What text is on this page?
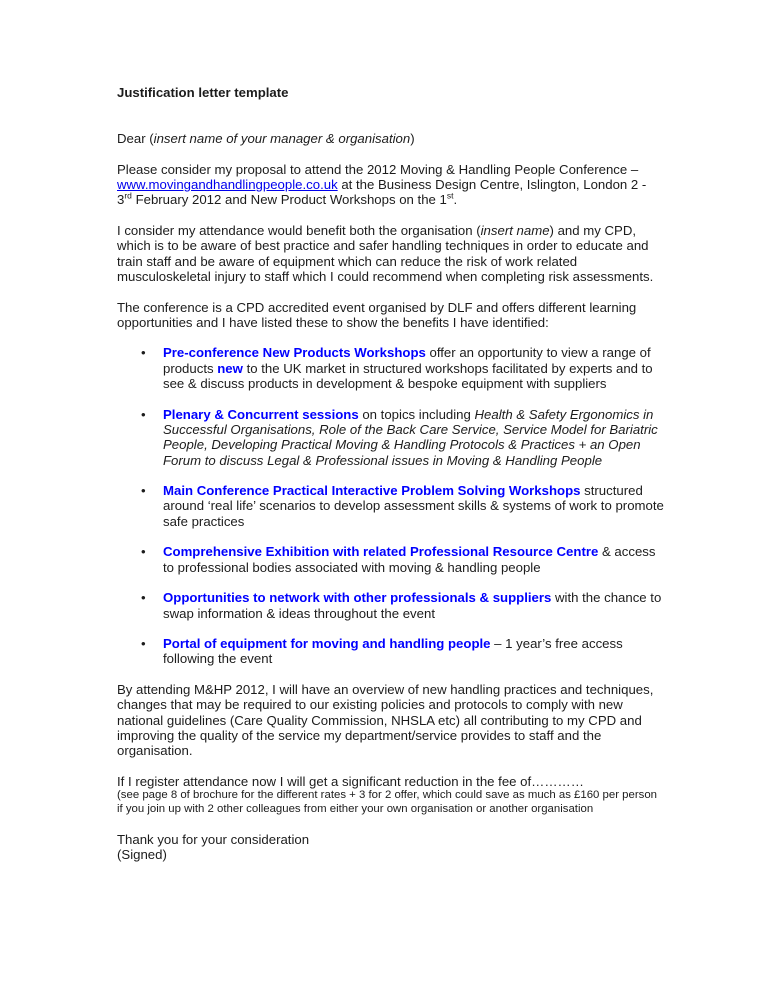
Justification letter template

Dear (insert name of your manager & organisation)

Please consider my proposal to attend the 2012 Moving & Handling People Conference – www.movingandhandlingpeople.co.uk at the Business Design Centre, Islington, London 2 - 3rd February 2012 and New Product Workshops on the 1st.

I consider my attendance would benefit both the organisation (insert name) and my CPD, which is to be aware of best practice and safer handling techniques in order to educate and train staff and be aware of equipment which can reduce the risk of work related musculoskeletal injury to staff which I could recommend when completing risk assessments.

The conference is a CPD accredited event organised by DLF and offers different learning opportunities and I have listed these to show the benefits I have identified:

• Pre-conference New Products Workshops offer an opportunity to view a range of products new to the UK market in structured workshops facilitated by experts and to see & discuss products in development & bespoke equipment with suppliers
• Plenary & Concurrent sessions on topics including Health & Safety Ergonomics in Successful Organisations, Role of the Back Care Service, Service Model for Bariatric People, Developing Practical Moving & Handling Protocols & Practices + an Open Forum to discuss Legal & Professional issues in Moving & Handling People
• Main Conference Practical Interactive Problem Solving Workshops structured around ‘real life’ scenarios to develop assessment skills & systems of work to promote safe practices
• Comprehensive Exhibition with related Professional Resource Centre & access to professional bodies associated with moving & handling people
• Opportunities to network with other professionals & suppliers with the chance to swap information & ideas throughout the event
• Portal of equipment for moving and handling people – 1 year’s free access following the event

By attending M&HP 2012, I will have an overview of new handling practices and techniques, changes that may be required to our existing policies and protocols to comply with new national guidelines (Care Quality Commission, NHSLA etc) all contributing to my CPD and improving the quality of the service my department/service provides to staff and the organisation.

If I register attendance now I will get a significant reduction in the fee of…………

(see page 8 of brochure for the different rates + 3 for 2 offer, which could save as much as £160 per person if you join up with 2 other colleagues from either your own organisation or another organisation

Thank you for your consideration

(Signed)
